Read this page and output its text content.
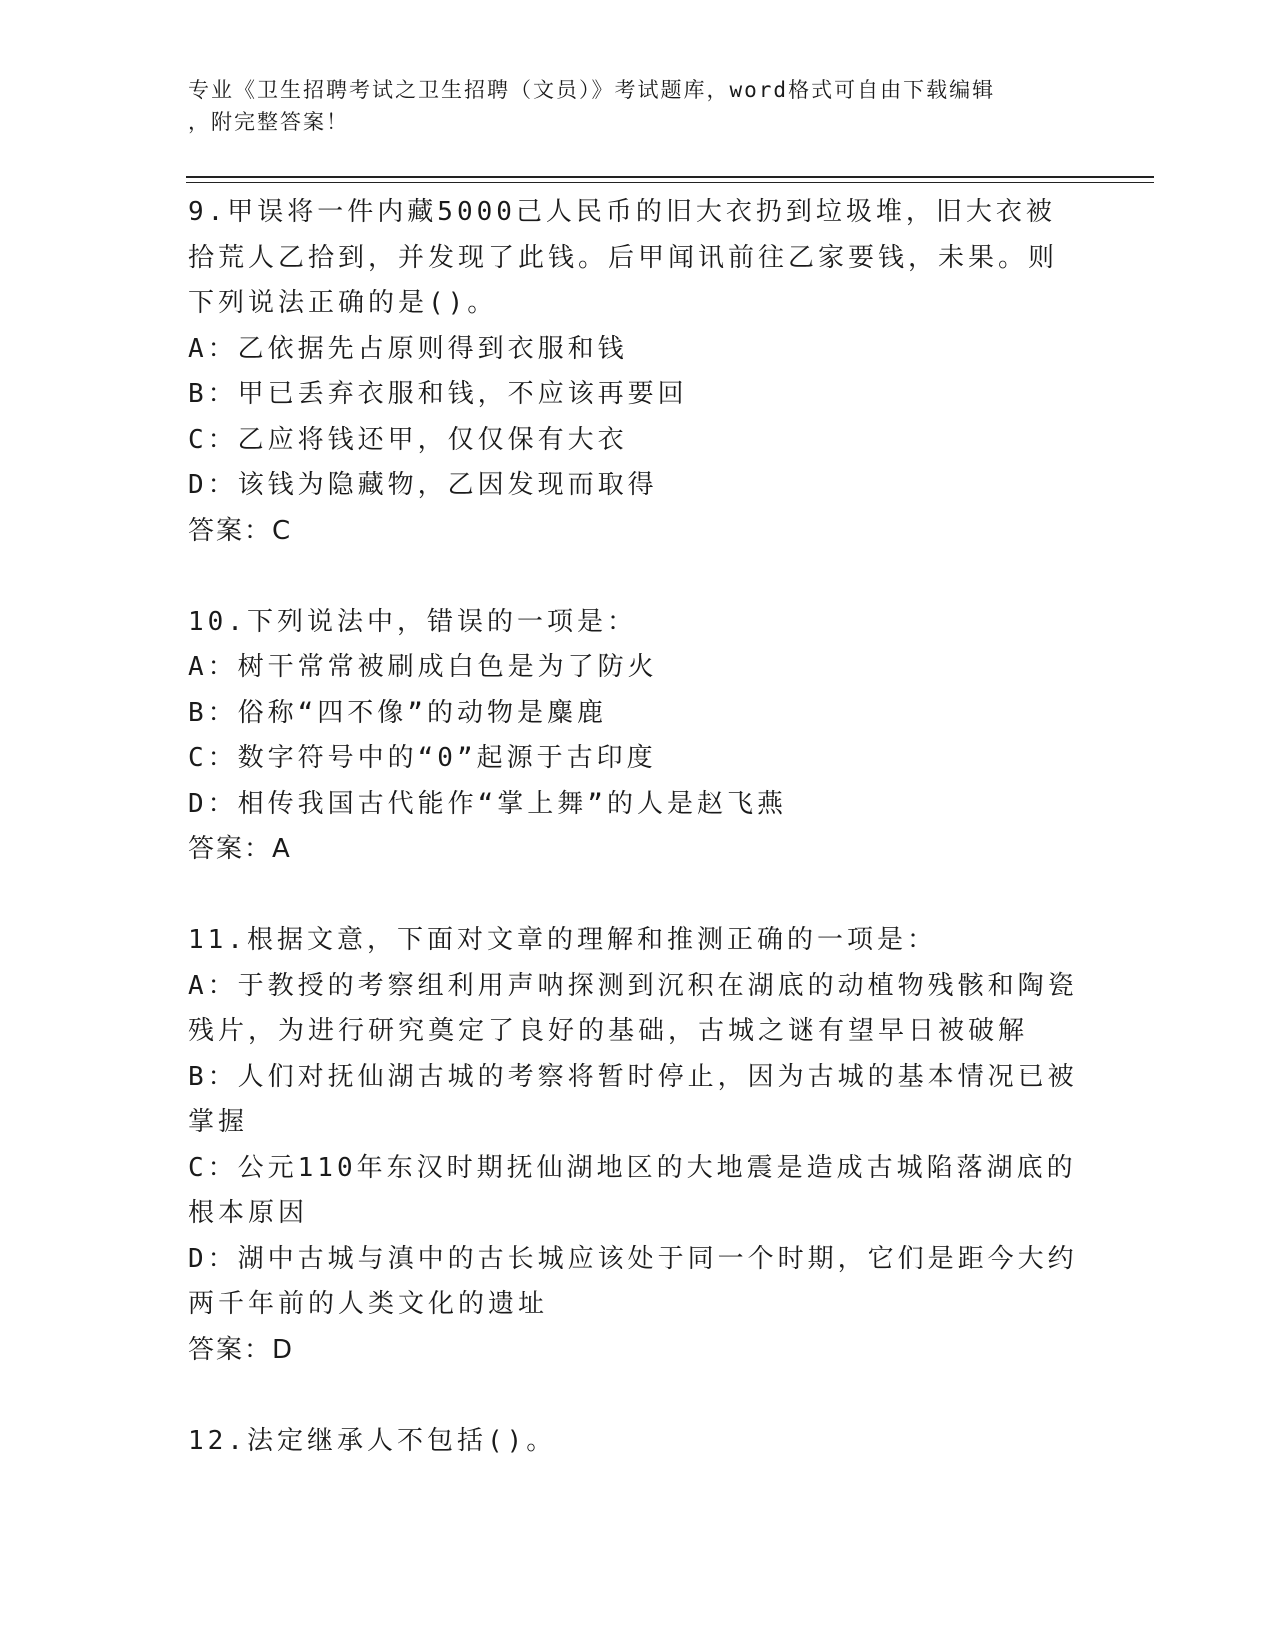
专业《卫生招聘考试之卫生招聘（文员）》考试题库，word格式可自由下载编辑
，附完整答案！

9.甲误将一件内藏5000己人民币的旧大衣扔到垃圾堆，旧大衣被拾荒人乙拾到，并发现了此钱。后甲闻讯前往乙家要钱，未果。则下列说法正确的是()。

A：乙依据先占原则得到衣服和钱

B：甲已丢弃衣服和钱，不应该再要回

C：乙应将钱还甲，仅仅保有大衣

D：该钱为隐藏物，乙因发现而取得

答案：C

10.下列说法中，错误的一项是：

A：树干常常被刷成白色是为了防火

B：俗称“四不像”的动物是麋鹿

C：数字符号中的“0”起源于古印度

D：相传我国古代能作“掌上舞”的人是赵飞燕

答案：A

11.根据文意，下面对文章的理解和推测正确的一项是：

A：于教授的考察组利用声呐探测到沉积在湖底的动植物残骸和陶瓷残片，为进行研究奠定了良好的基础，古城之谜有望早日被破解

B：人们对抚仙湖古城的考察将暂时停止，因为古城的基本情况已被掌握

C：公元110年东汉时期抚仙湖地区的大地震是造成古城陷落湖底的根本原因

D：湖中古城与滇中的古长城应该处于同一个时期，它们是距今大约两千年前的人类文化的遗址

答案：D

12.法定继承人不包括()。
